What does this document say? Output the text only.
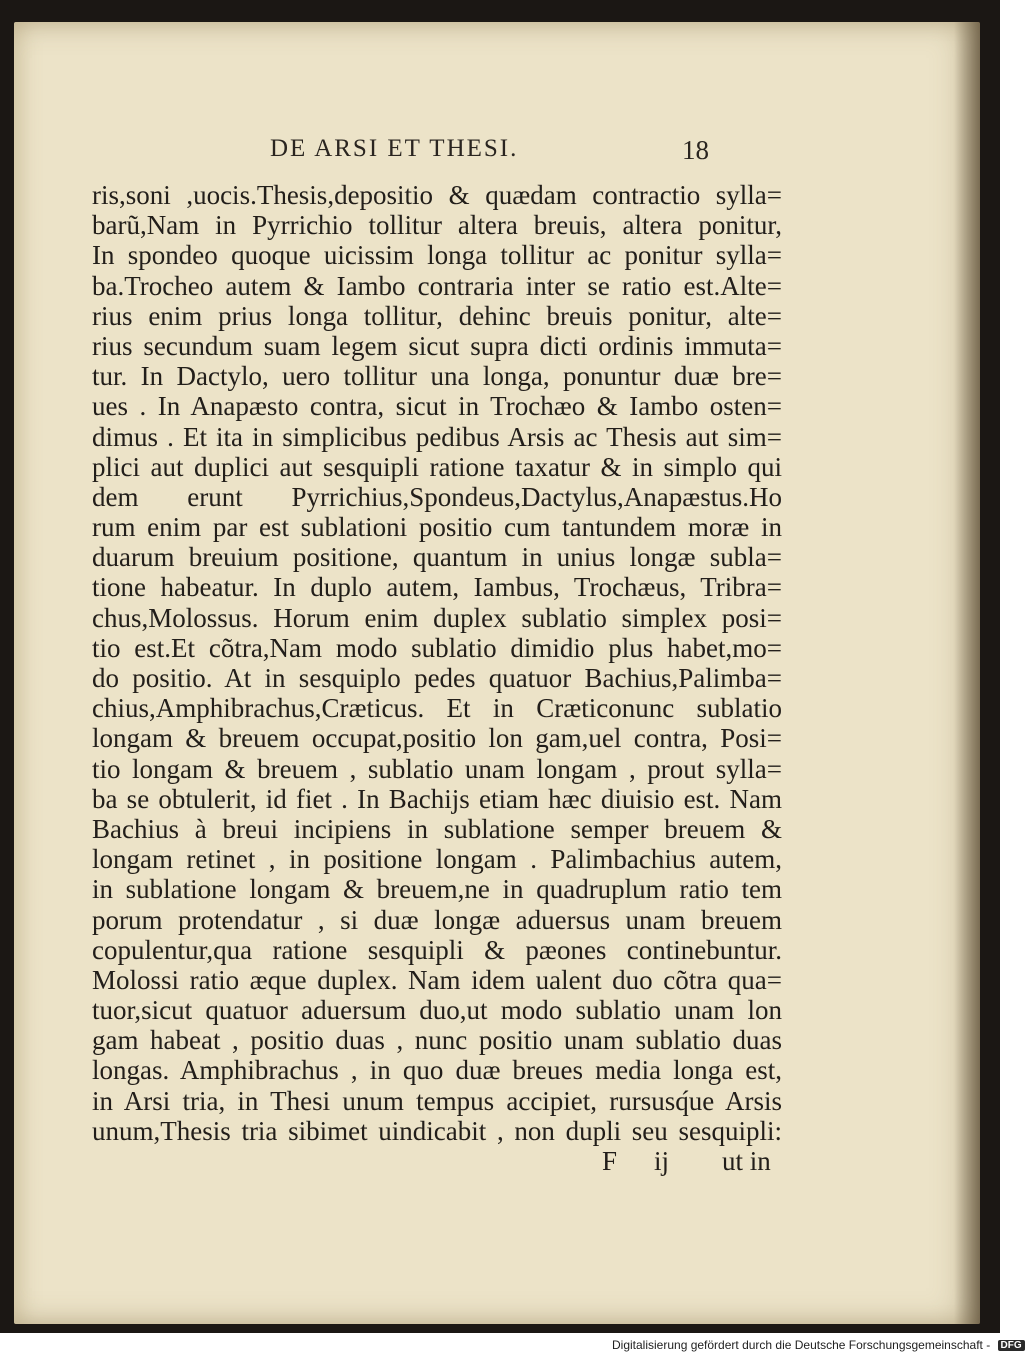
DE ARSI ET THESI.	18
ris,soni ,uocis.Thesis,depositio & quædam contractio sylla=
barũ,Nam in Pyrrichio tollitur altera breuis, altera ponitur,
In spondeo quoque uicissim longa tollitur ac ponitur sylla=
ba.Trocheo autem & Iambo contraria inter se ratio est.Alte=
rius enim prius longa tollitur, dehinc breuis ponitur, alte=
rius secundum suam legem sicut supra dicti ordinis immuta=
tur. In Dactylo, uero tollitur una longa, ponuntur duæ bre=
ues . In Anapæsto contra, sicut in Trochæo & Iambo osten=
dimus . Et ita in simplicibus pedibus Arsis ac Thesis aut sim=
plici aut duplici aut sesquipli ratione taxatur & in simplo qui
dem erunt Pyrrichius,Spondeus,Dactylus,Anapæstus.Ho
rum enim par est sublationi positio cum tantundem moræ in
duarum breuium positione, quantum in unius longæ subla=
tione habeatur. In duplo autem, Iambus, Trochæus, Tribra=
chus,Molossus. Horum enim duplex sublatio simplex posi=
tio est.Et cõtra,Nam modo sublatio dimidio plus habet,mo=
do positio. At in sesquiplo pedes quatuor Bachius,Palimba=
chius,Amphibrachus,Cræticus. Et in Cræticonunc sublatio
longam & breuem occupat,positio lon gam,uel contra, Posi=
tio longam & breuem , sublatio unam longam , prout sylla=
ba se obtulerit, id fiet . In Bachijs etiam hæc diuisio est. Nam
Bachius à breui incipiens in sublatione semper breuem &
longam retinet , in positione longam . Palimbachius autem,
in sublatione longam & breuem,ne in quadruplum ratio tem
porum protendatur , si duæ longæ aduersus unam breuem
copulentur,qua ratione sesquipli & pæones continebuntur.
Molossi ratio æque duplex. Nam idem ualent duo cõtra qua=
tuor,sicut quatuor aduersum duo,ut modo sublatio unam lon
gam habeat , positio duas , nunc positio unam sublatio duas
longas. Amphibrachus , in quo duæ breues media longa est,
in Arsi tria, in Thesi unum tempus accipiet, rursusq́ue Arsis
unum,Thesis tria sibimet uindicabit , non dupli seu sesquipli:
F ij ut in
Digitalisierung gefördert durch die Deutsche Forschungsgemeinschaft - DFG
